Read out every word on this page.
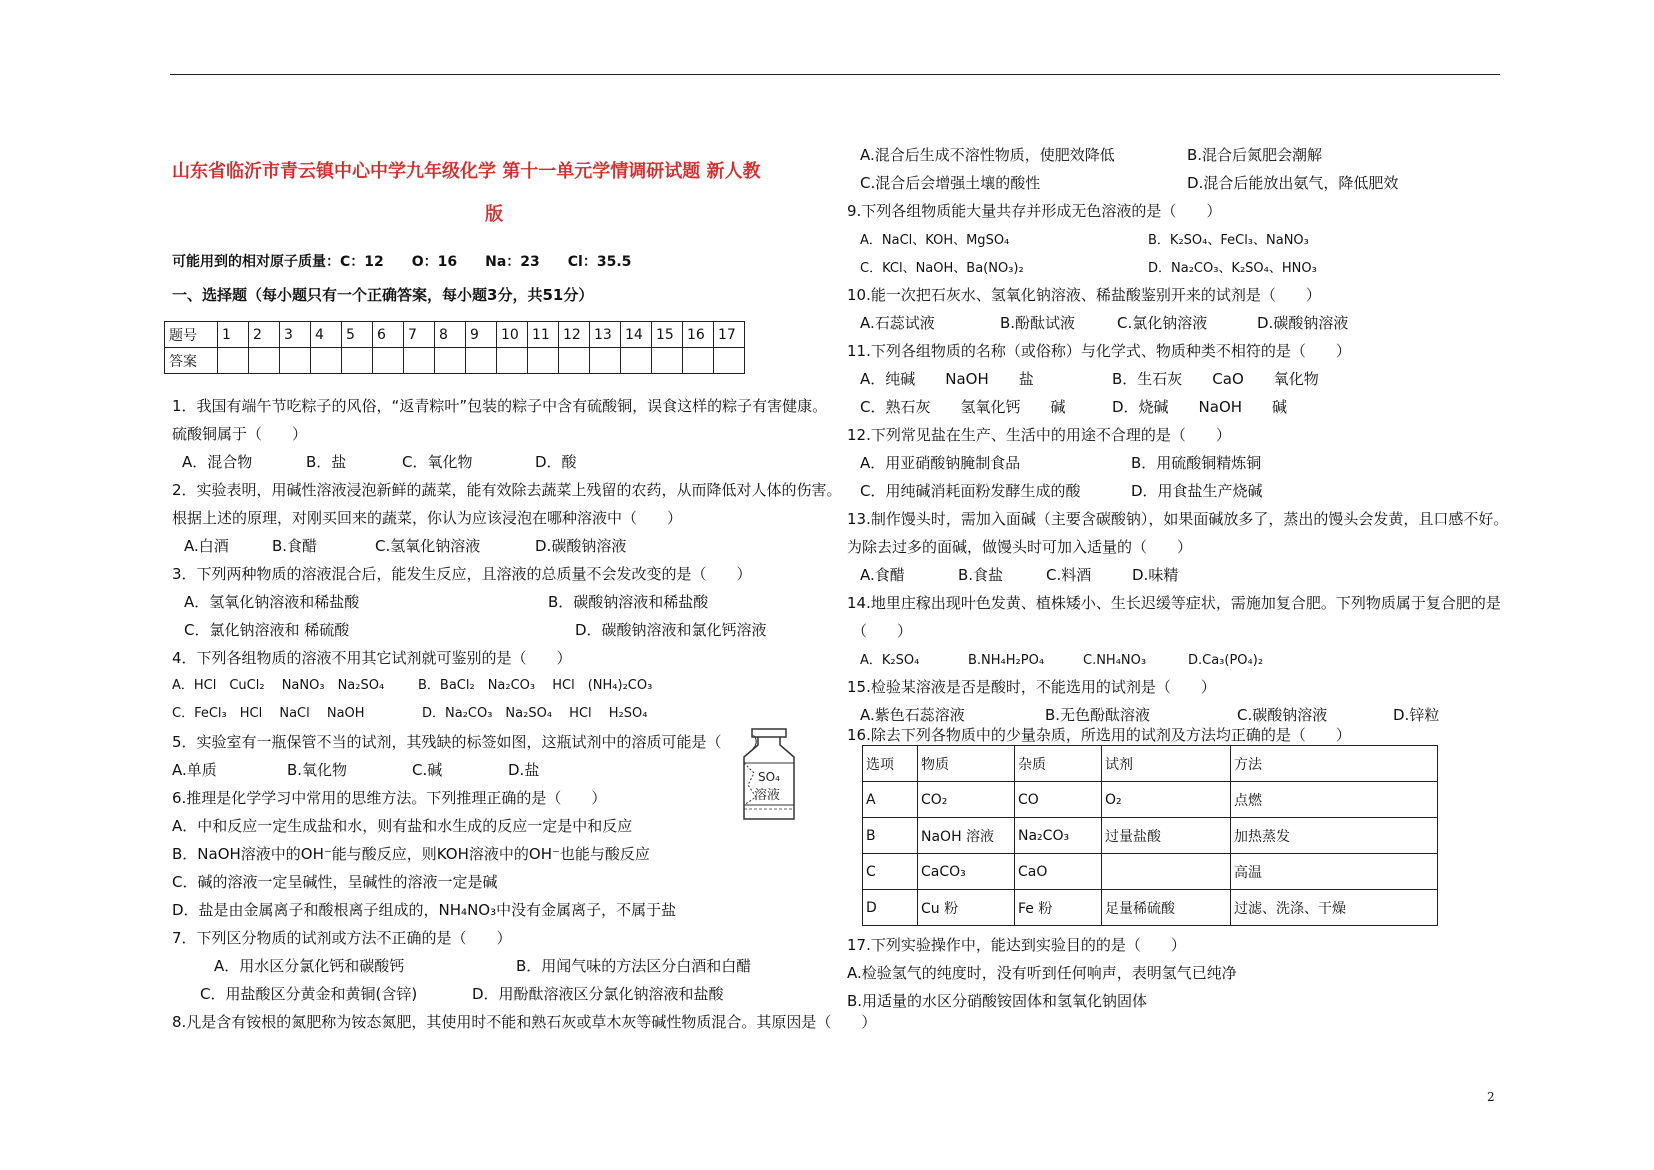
山东省临沂市青云镇中心中学九年级化学 第十一单元学情调研试题 新人教
版
可能用到的相对原子质量：C：12　　O：16　　Na：23　　Cl：35.5
一、选择题（每小题只有一个正确答案，每小题3分，共51分）
题号	1	2	3	4	5	6	7	8	9	10	11	12	13	14	15	16	17
答案																	
1．我国有端午节吃粽子的风俗，“返青粽叶”包装的粽子中含有硫酸铜，误食这样的粽子有害健康。
硫酸铜属于（　　）
A．混合物	B．盐	C．氧化物	D．酸
2．实验表明，用碱性溶液浸泡新鲜的蔬菜，能有效除去蔬菜上残留的农药，从而降低对人体的伤害。
根据上述的原理，对刚买回来的蔬菜，你认为应该浸泡在哪种溶液中（　　）
A.白酒	B.食醋	C.氢氧化钠溶液	D.碳酸钠溶液
3．下列两种物质的溶液混合后，能发生反应，且溶液的总质量不会发改变的是（　　）
A．氢氧化钠溶液和稀盐酸	B．碳酸钠溶液和稀盐酸
C．氯化钠溶液和 稀硫酸	D．碳酸钠溶液和氯化钙溶液
4．下列各组物质的溶液不用其它试剂就可鉴别的是（　　）
A．HCl　CuCl₂　 NaNO₃　Na₂SO₄	B．BaCl₂　Na₂CO₃　 HCl　(NH₄)₂CO₃
C．FeCl₃　HCl　 NaCl　 NaOH	D．Na₂CO₃　Na₂SO₄　 HCl　 H₂SO₄
5．实验室有一瓶保管不当的试剂，其残缺的标签如图，这瓶试剂中的溶质可能是（　　）
A.单质	B.氧化物	C.碱	D.盐	SO₄
溶液
6.推理是化学学习中常用的思维方法。下列推理正确的是（　　）
A．中和反应一定生成盐和水，则有盐和水生成的反应一定是中和反应
B．NaOH溶液中的OH⁻能与酸反应，则KOH溶液中的OH⁻也能与酸反应
C．碱的溶液一定呈碱性，呈碱性的溶液一定是碱
D．盐是由金属离子和酸根离子组成的，NH₄NO₃中没有金属离子，不属于盐
7．下列区分物质的试剂或方法不正确的是（　　）
A．用水区分氯化钙和碳酸钙	B．用闻气味的方法区分白酒和白醋
C．用盐酸区分黄金和黄铜(含锌)	D．用酚酞溶液区分氯化钠溶液和盐酸
8.凡是含有铵根的氮肥称为铵态氮肥，其使用时不能和熟石灰或草木灰等碱性物质混合。其原因是（　　）
A.混合后生成不溶性物质，使肥效降低	B.混合后氮肥会潮解
C.混合后会增强土壤的酸性	D.混合后能放出氨气，降低肥效
9.下列各组物质能大量共存并形成无色溶液的是（　　）
A．NaCl、KOH、MgSO₄	B．K₂SO₄、FeCl₃、NaNO₃
C．KCl、NaOH、Ba(NO₃)₂	D．Na₂CO₃、K₂SO₄、HNO₃
10.能一次把石灰水、氢氧化钠溶液、稀盐酸鉴别开来的试剂是（　　）
A.石蕊试液	B.酚酞试液	C.氯化钠溶液	D.碳酸钠溶液
11.下列各组物质的名称（或俗称）与化学式、物质种类不相符的是（　　）
A．纯碱　　NaOH　　盐	B．生石灰　　CaO　　氧化物
C．熟石灰　　氢氧化钙　　碱	D．烧碱　　NaOH　　碱
12.下列常见盐在生产、生活中的用途不合理的是（　　）
A．用亚硝酸钠腌制食品	B．用硫酸铜精炼铜
C．用纯碱消耗面粉发酵生成的酸	D．用食盐生产烧碱
13.制作馒头时，需加入面碱（主要含碳酸钠），如果面碱放多了，蒸出的馒头会发黄，且口感不好。
为除去过多的面碱，做馒头时可加入适量的（　　）
A.食醋	B.食盐	C.料酒	D.味精
14.地里庄稼出现叶色发黄、植株矮小、生长迟缓等症状，需施加复合肥。下列物质属于复合肥的是
（　　）
A．K₂SO₄	B.NH₄H₂PO₄	C.NH₄NO₃	D.Ca₃(PO₄)₂
15.检验某溶液是否是酸时，不能选用的试剂是（　　）
A.紫色石蕊溶液	B.无色酚酞溶液	C.碳酸钠溶液	D.锌粒
16.除去下列各物质中的少量杂质，所选用的试剂及方法均正确的是（　　）
选项	物质	杂质	试剂	方法
A	CO₂	CO	O₂	点燃
B	NaOH 溶液	Na₂CO₃	过量盐酸	加热蒸发
C	CaCO₃	CaO		高温
D	Cu 粉	Fe 粉	足量稀硫酸	过滤、洗涤、干燥
17.下列实验操作中，能达到实验目的的是（　　）
A.检验氢气的纯度时，没有听到任何响声，表明氢气已纯净
B.用适量的水区分硝酸铵固体和氢氧化钠固体
2
